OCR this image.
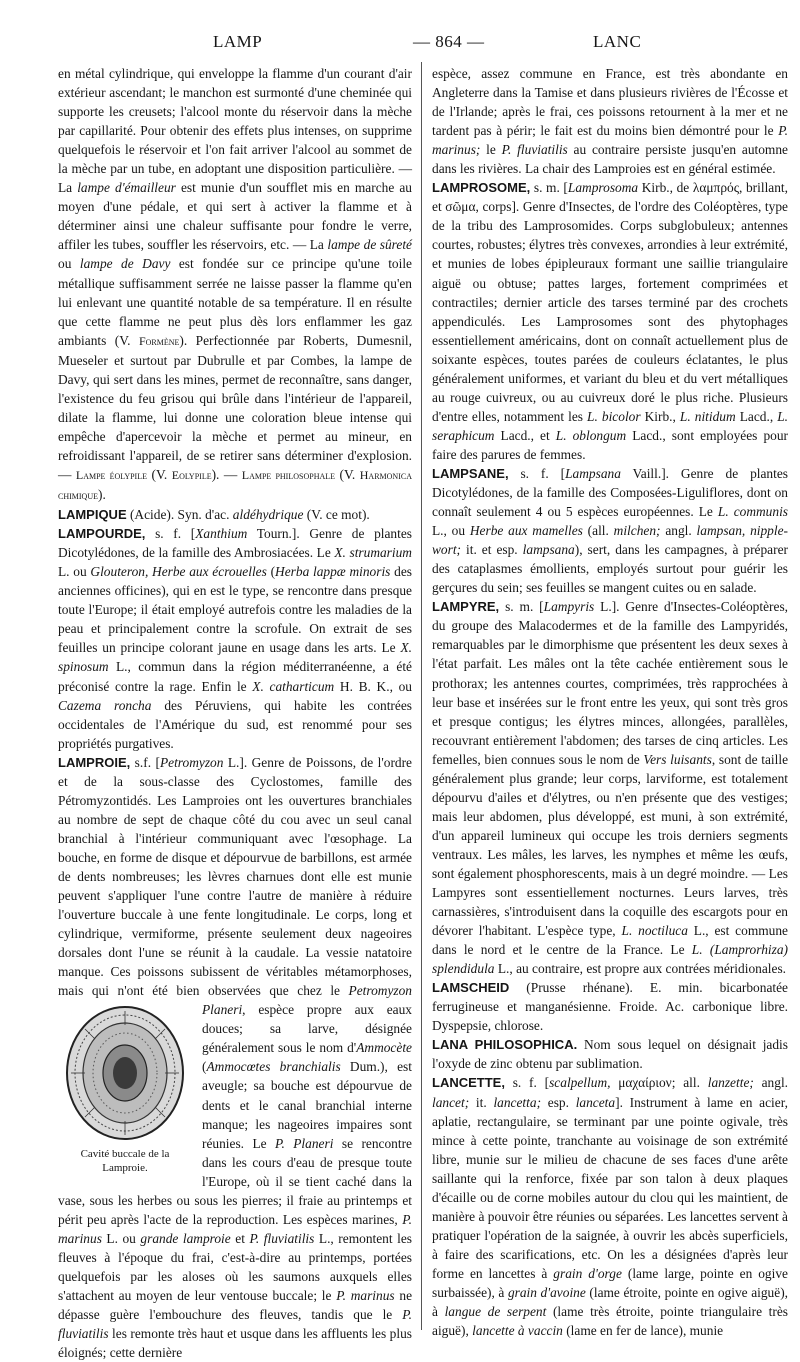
LAMP	— 864 —	LANC

en métal cylindrique, qui enveloppe la flamme d'un courant d'air extérieur ascendant; le manchon est surmonté d'une cheminée qui supporte les creusets; l'alcool monte du réservoir dans la mèche par capillarité. Pour obtenir des effets plus intenses, on supprime quelquefois le réservoir et l'on fait arriver l'alcool au sommet de la mèche par un tube, en adoptant une disposition particulière. — La lampe d'émailleur est munie d'un soufflet mis en marche au moyen d'une pédale, et qui sert à activer la flamme et à déterminer ainsi une chaleur suffisante pour fondre le verre, affiler les tubes, souffler les réservoirs, etc. — La lampe de sûreté ou lampe de Davy est fondée sur ce principe qu'une toile métallique suffisamment serrée ne laisse passer la flamme qu'en lui enlevant une quantité notable de sa température. Il en résulte que cette flamme ne peut plus dès lors enflammer les gaz ambiants (V. Formène). Perfectionnée par Roberts, Dumesnil, Mueseler et surtout par Dubrulle et par Combes, la lampe de Davy, qui sert dans les mines, permet de reconnaître, sans danger, l'existence du feu grisou qui brûle dans l'intérieur de l'appareil, dilate la flamme, lui donne une coloration bleue intense qui empêche d'apercevoir la mèche et permet au mineur, en refroidissant l'appareil, de se retirer sans déterminer d'explosion.— Lampe éolypile (V. Eolypile). — Lampe philosophale (V. Harmonica chimique).

LAMPIQUE (Acide). Syn. d'ac. aldéhydrique (V. ce mot).

LAMPOURDE, s. f. [Xanthium Tourn.]. Genre de plantes Dicotylédones, de la famille des Ambrosiacées. Le X. strumarium L. ou Glouteron, Herbe aux écrouelles (Herba lappæ minoris des anciennes officines), qui en est le type, se rencontre dans presque toute l'Europe; il était employé autrefois contre les maladies de la peau et principalement contre la scrofule. On extrait de ses feuilles un principe colorant jaune en usage dans les arts. Le X. spinosum L., commun dans la région méditerranéenne, a été préconisé contre la rage. Enfin le X. catharticum H. B. K., ou Cazema roncha des Péruviens, qui habite les contrées occidentales de l'Amérique du sud, est renommé pour ses propriétés purgatives.

LAMPROIE, s.f. [Petromyzon L.]. Genre de Poissons, de l'ordre et de la sous-classe des Cyclostomes, famille des Pétromyzontidés. Les Lamproies ont les ouvertures branchiales au nombre de sept de chaque côté du cou avec un seul canal branchial à l'intérieur communiquant avec l'œsophage. La bouche, en forme de disque et dépourvue de barbillons, est armée de dents nombreuses; les lèvres charnues dont elle est munie peuvent s'appliquer l'une contre l'autre de manière à réduire l'ouverture buccale à une fente longitudinale. Le corps, long et cylindrique, vermiforme, présente seulement deux nageoires dorsales dont l'une se réunit à la caudale. La vessie natatoire manque. Ces poissons subissent de véritables métamorphoses, mais qui n'ont été bien observées que chez le
Cavité buccale de la Lamproie.
Petromyzon Planeri, espèce propre aux eaux douces; sa larve, désignée généralement sous le nom d'Ammocète (Ammocœtes branchialis Dum.), est aveugle; sa bouche est dépourvue de dents et le canal branchial interne manque; les nageoires impaires sont réunies. Le P. Planeri se rencontre dans les cours d'eau de presque toute l'Europe, où il se tient caché dans la vase, sous les herbes ou sous les pierres; il fraie au printemps et périt peu après l'acte de la reproduction. Les espèces marines, P. marinus L. ou grande lamproie et P. fluviatilis L., remontent les fleuves à l'époque du frai, c'est-à-dire au printemps, portées quelquefois par les aloses où les saumons auxquels elles s'attachent au moyen de leur ventouse buccale; le P. marinus ne dépasse guère l'embouchure des fleuves, tandis que le P. fluviatilis les remonte très haut et usque dans les affluents les plus éloignés; cette dernière

espèce, assez commune en France, est très abondante en Angleterre dans la Tamise et dans plusieurs rivières de l'Écosse et de l'Irlande; après le frai, ces poissons retournent à la mer et ne tardent pas à périr; le fait est du moins bien démontré pour le P. marinus; le P. fluviatilis au contraire persiste jusqu'en automne dans les rivières. La chair des Lamproies est en général estimée.

LAMPROSOME, s. m. [Lamprosoma Kirb., de λαμπρός, brillant, et σῶμα, corps]. Genre d'Insectes, de l'ordre des Coléoptères, type de la tribu des Lamprosomides. Corps subglobuleux; antennes courtes, robustes; élytres très convexes, arrondies à leur extrémité, et munies de lobes épipleuraux formant une saillie triangulaire aiguë ou obtuse; pattes larges, fortement comprimées et contractiles; dernier article des tarses terminé par des crochets appendiculés. Les Lamprosomes sont des phytophages essentiellement américains, dont on connaît actuellement plus de soixante espèces, toutes parées de couleurs éclatantes, le plus généralement uniformes, et variant du bleu et du vert métalliques au rouge cuivreux, ou au cuivreux doré le plus riche. Plusieurs d'entre elles, notamment les L. bicolor Kirb., L. nitidum Lacd., L. seraphicum Lacd., et L. oblongum Lacd., sont employées pour faire des parures de femmes.

LAMPSANE, s. f. [Lampsana Vaill.]. Genre de plantes Dicotylédones, de la famille des Composées-Liguliflores, dont on connaît seulement 4 ou 5 espèces européennes. Le L. communis L., ou Herbe aux mamelles (all. milchen; angl. lampsan, nipple-wort; it. et esp. lampsana), sert, dans les campagnes, à préparer des cataplasmes émollients, employés surtout pour guérir les gerçures du sein; ses feuilles se mangent cuites ou en salade.

LAMPYRE, s. m. [Lampyris L.]. Genre d'Insectes-Coléoptères, du groupe des Malacodermes et de la famille des Lampyridés, remarquables par le dimorphisme que présentent les deux sexes à l'état parfait. Les mâles ont la tête cachée entièrement sous le prothorax; les antennes courtes, comprimées, très rapprochées à leur base et insérées sur le front entre les yeux, qui sont très gros et presque contigus; les élytres minces, allongées, parallèles, recouvrant entièrement l'abdomen; des tarses de cinq articles. Les femelles, bien connues sous le nom de Vers luisants, sont de taille généralement plus grande; leur corps, larviforme, est totalement dépourvu d'ailes et d'élytres, ou n'en présente que des vestiges; mais leur abdomen, plus développé, est muni, à son extrémité, d'un appareil lumineux qui occupe les trois derniers segments ventraux. Les mâles, les larves, les nymphes et même les œufs, sont également phosphorescents, mais à un degré moindre. — Les Lampyres sont essentiellement nocturnes. Leurs larves, très carnassières, s'introduisent dans la coquille des escargots pour en dévorer l'habitant. L'espèce type, L. noctiluca L., est commune dans le nord et le centre de la France. Le L. (Lamprorhiza) splendidula L., au contraire, est propre aux contrées méridionales.

LAMSCHEID (Prusse rhénane). E. min. bicarbonatée ferrugineuse et manganésienne. Froide. Ac. carbonique libre. Dyspepsie, chlorose.

LANA PHILOSOPHICA. Nom sous lequel on désignait jadis l'oxyde de zinc obtenu par sublimation.

LANCETTE, s. f. [scalpellum, μαχαίριον; all. lanzette; angl. lancet; it. lancetta; esp. lanceta]. Instrument à lame en acier, aplatie, rectangulaire, se terminant par une pointe ogivale, très mince à cette pointe, tranchante au voisinage de son extrémité libre, munie sur le milieu de chacune de ses faces d'une arête saillante qui la renforce, fixée par son talon à deux plaques d'écaille ou de corne mobiles autour du clou qui les maintient, de manière à pouvoir être réunies ou séparées. Les lancettes servent à pratiquer l'opération de la saignée, à ouvrir les abcès superficiels, à faire des scarifications, etc. On les a désignées d'après leur forme en lancettes à grain d'orge (lame large, pointe en ogive surbaissée), à grain d'avoine (lame étroite, pointe en ogive aiguë), à langue de serpent (lame très étroite, pointe triangulaire très aiguë), lancette à vaccin (lame en fer de lance), munie
